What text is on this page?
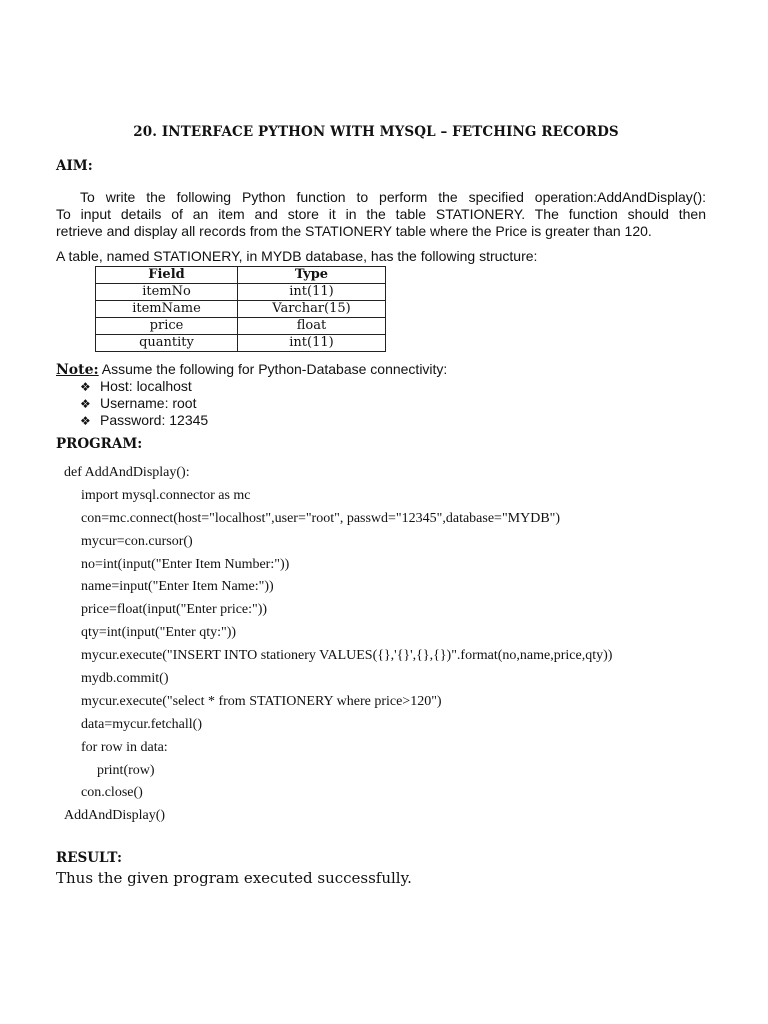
20. INTERFACE PYTHON WITH MYSQL – FETCHING RECORDS
AIM:
To write the following Python function to perform the specified operation:AddAndDisplay():
To input details of an item and store it in the table STATIONERY. The function should then
retrieve and display all records from the STATIONERY table where the Price is greater than 120.
A table, named STATIONERY, in MYDB database, has the following structure:
Field	Type
itemNo	int(11)
itemName	Varchar(15)
price	float
quantity	int(11)
Note: Assume the following for Python-Database connectivity:
❖ Host: localhost
❖ Username: root
❖ Password: 12345
PROGRAM:
def AddAndDisplay():
import mysql.connector as mc
con=mc.connect(host="localhost",user="root", passwd="12345",database="MYDB")
mycur=con.cursor()
no=int(input("Enter Item Number:"))
name=input("Enter Item Name:"))
price=float(input("Enter price:"))
qty=int(input("Enter qty:"))
mycur.execute("INSERT INTO stationery VALUES({},'{}',{},{})".format(no,name,price,qty))
mydb.commit()
mycur.execute("select * from STATIONERY where price>120")
data=mycur.fetchall()
for row in data:
print(row)
con.close()
AddAndDisplay()
RESULT:
Thus the given program executed successfully.
